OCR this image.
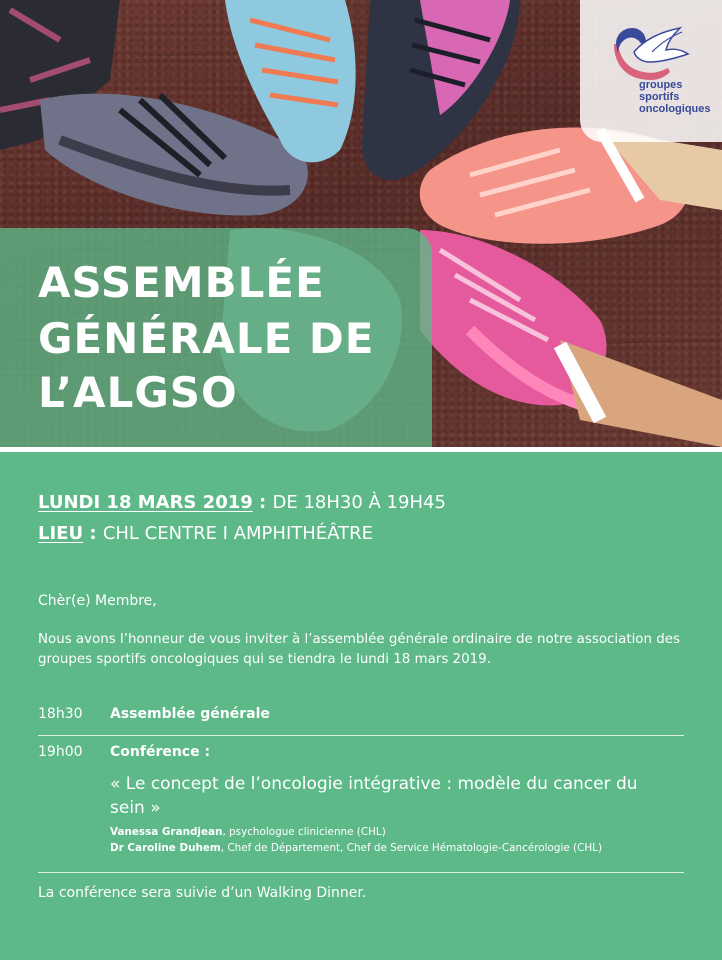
ASSEMBLÉE
GÉNÉRALE DE
L’ALGSO
groupes
sportifs
oncologiques
LUNDI 18 MARS 2019 : DE 18H30 À 19H45
LIEU : CHL CENTRE I AMPHITHÉÂTRE
Chèr(e) Membre,
Nous avons l’honneur de vous inviter à l’assemblée générale ordinaire de notre association des groupes sportifs oncologiques qui se tiendra le lundi 18 mars 2019.
18h30 Assemblée générale
19h00 Conférence :
« Le concept de l’oncologie intégrative : modèle du cancer du sein »
Vanessa Grandjean, psychologue clinicienne (CHL)
Dr Caroline Duhem, Chef de Département, Chef de Service Hématologie-Cancérologie (CHL)
La conférence sera suivie d’un Walking Dinner.
